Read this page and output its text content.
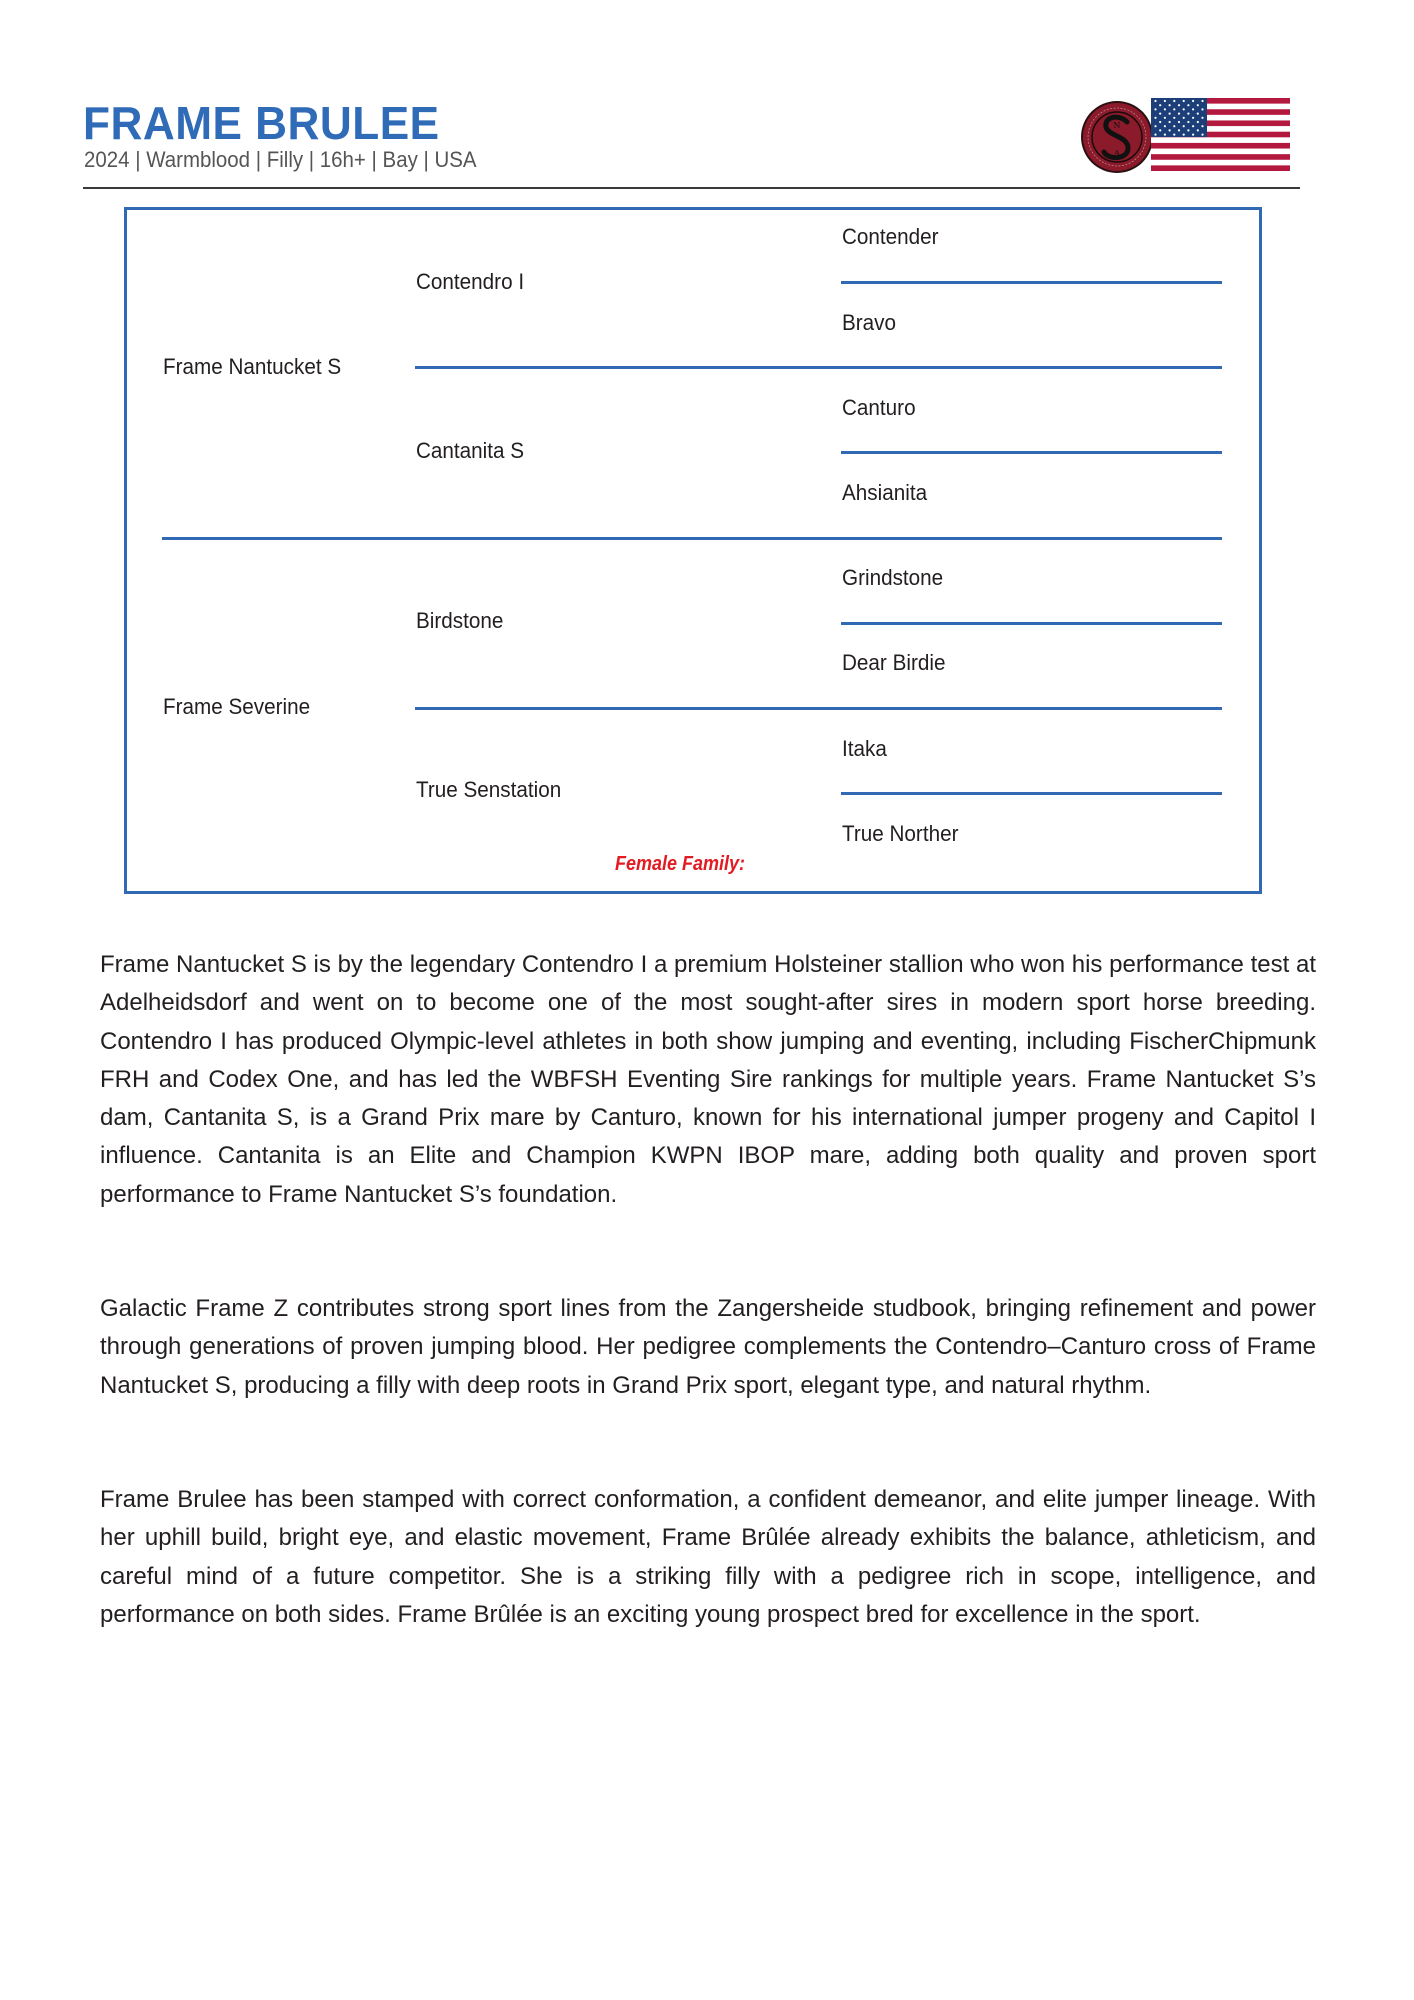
FRAME BRULEE
2024 | Warmblood | Filly | 16h+ | Bay | USA
N
A
Frame Nantucket S
Frame Severine
Contendro I
Cantanita S
Birdstone
True Senstation
Contender
Bravo
Canturo
Ahsianita
Grindstone
Dear Birdie
Itaka
True Norther
Female Family:

Frame Nantucket S is by the legendary Contendro I a premium Holsteiner stallion who won his performance test at Adelheidsdorf and went on to become one of the most sought-after sires in modern sport horse breeding. Contendro I has produced Olympic-level athletes in both show jumping and eventing, including FischerChipmunk FRH and Codex One, and has led the WBFSH Eventing Sire rankings for multiple years. Frame Nantucket S’s dam, Cantanita S, is a Grand Prix mare by Canturo, known for his international jumper progeny and Capitol I influence. Cantanita is an Elite and Champion KWPN IBOP mare, adding both quality and proven sport performance to Frame Nantucket S’s foundation.

Galactic Frame Z contributes strong sport lines from the Zangersheide studbook, bringing refinement and power through generations of proven jumping blood. Her pedigree complements the Contendro–Canturo cross of Frame Nantucket S, producing a filly with deep roots in Grand Prix sport, elegant type, and natural rhythm.

Frame Brulee has been stamped with correct conformation, a confident demeanor, and elite jumper lineage. With her uphill build, bright eye, and elastic movement, Frame Brûlée already exhibits the balance, athleticism, and careful mind of a future competitor. She is a striking filly with a pedigree rich in scope, intelligence, and performance on both sides. Frame Brûlée is an exciting young prospect bred for excellence in the sport.
